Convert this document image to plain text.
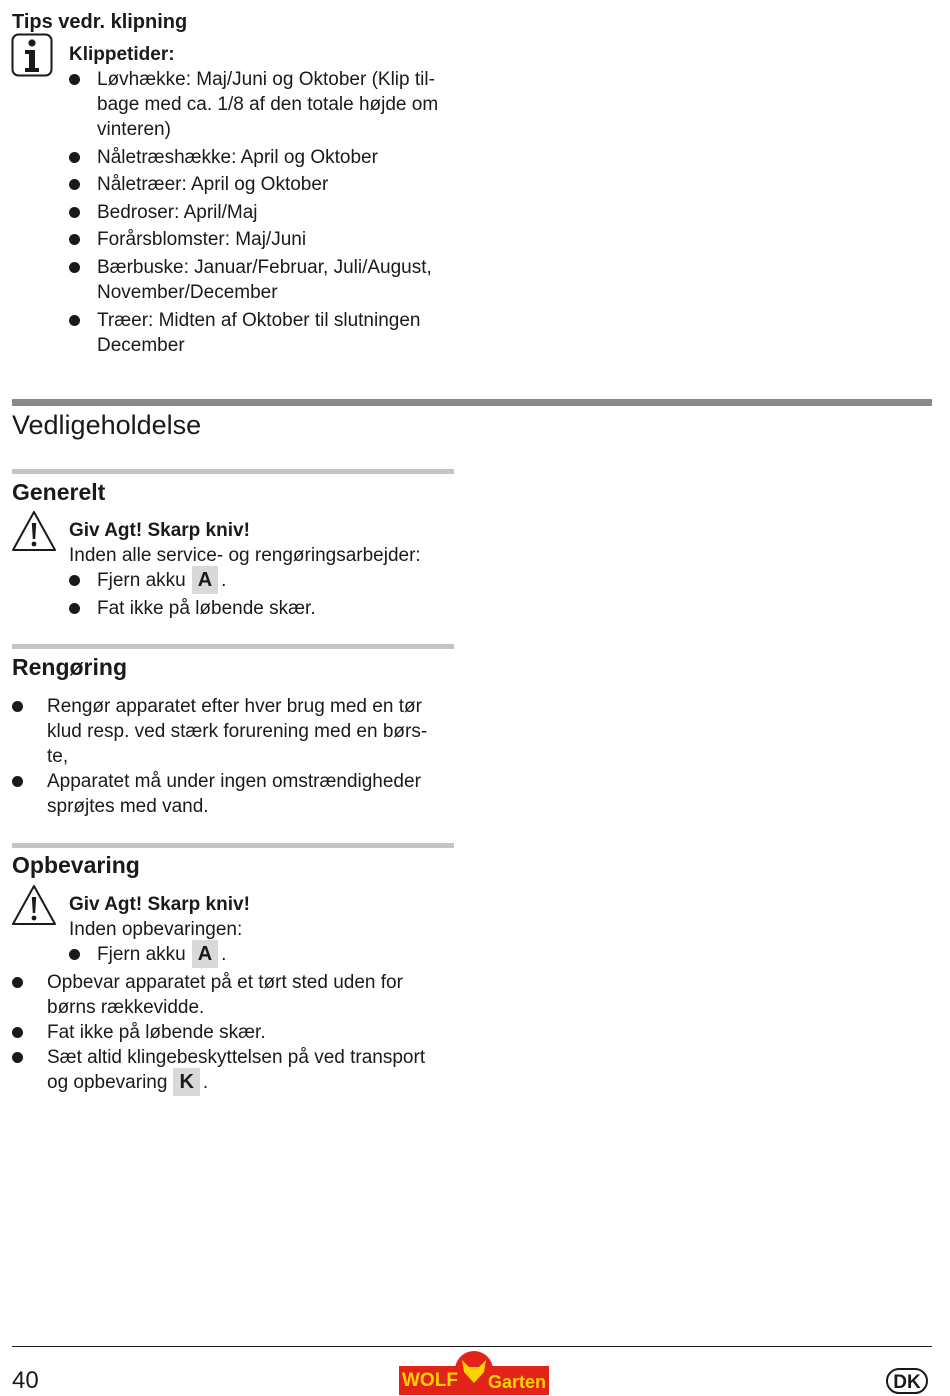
Tips vedr. klipning
Klippetider:
Løvhække: Maj/Juni og Oktober (Klip til-
bage med ca. 1/8 af den totale højde om
vinteren)
Nåletræshække: April og Oktober
Nåletræer: April og Oktober
Bedroser: April/Maj
Forårsblomster: Maj/Juni
Bærbuske: Januar/Februar, Juli/August,
November/December
Træer: Midten af Oktober til slutningen
December
Vedligeholdelse
Generelt
Giv Agt! Skarp kniv!
Inden alle service- og rengøringsarbejder:
Fjern akku A .
Fat ikke på løbende skær.
Rengøring
Rengør apparatet efter hver brug med en tør
klud resp. ved stærk forurening med en børs-
te,
Apparatet må under ingen omstrændigheder
sprøjtes med vand.
Opbevaring
Giv Agt! Skarp kniv!
Inden opbevaringen:
Fjern akku A .
Opbevar apparatet på et tørt sted uden for
børns rækkevidde.
Fat ikke på løbende skær.
Sæt altid klingebeskyttelsen på ved transport
og opbevaring K .
40	WOLF Garten	DK
